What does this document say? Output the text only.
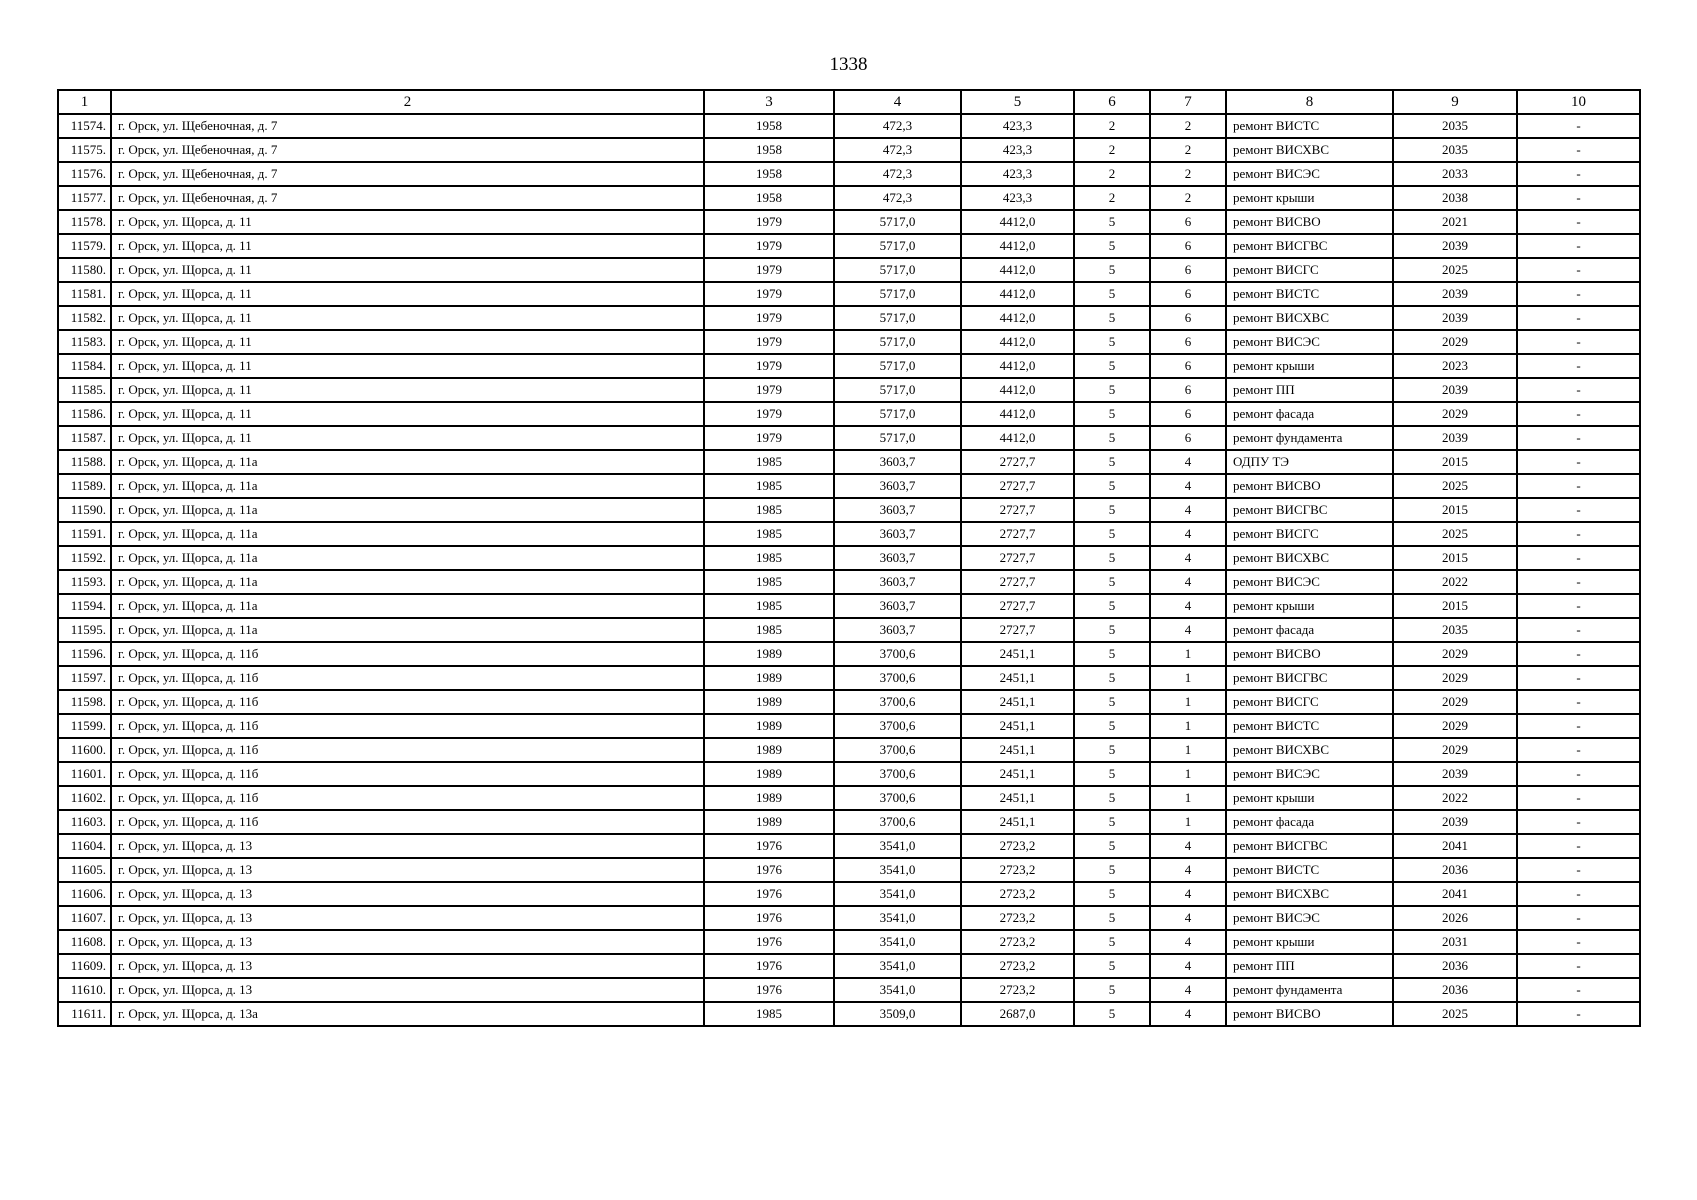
1338
1	2	3	4	5	6	7	8	9	10
11574.	г. Орск, ул. Щебеночная, д. 7	1958	472,3	423,3	2	2	ремонт ВИСТС	2035	-
11575.	г. Орск, ул. Щебеночная, д. 7	1958	472,3	423,3	2	2	ремонт ВИСХВС	2035	-
11576.	г. Орск, ул. Щебеночная, д. 7	1958	472,3	423,3	2	2	ремонт ВИСЭС	2033	-
11577.	г. Орск, ул. Щебеночная, д. 7	1958	472,3	423,3	2	2	ремонт крыши	2038	-
11578.	г. Орск, ул. Щорса, д. 11	1979	5717,0	4412,0	5	6	ремонт ВИСВО	2021	-
11579.	г. Орск, ул. Щорса, д. 11	1979	5717,0	4412,0	5	6	ремонт ВИСГВС	2039	-
11580.	г. Орск, ул. Щорса, д. 11	1979	5717,0	4412,0	5	6	ремонт ВИСГС	2025	-
11581.	г. Орск, ул. Щорса, д. 11	1979	5717,0	4412,0	5	6	ремонт ВИСТС	2039	-
11582.	г. Орск, ул. Щорса, д. 11	1979	5717,0	4412,0	5	6	ремонт ВИСХВС	2039	-
11583.	г. Орск, ул. Щорса, д. 11	1979	5717,0	4412,0	5	6	ремонт ВИСЭС	2029	-
11584.	г. Орск, ул. Щорса, д. 11	1979	5717,0	4412,0	5	6	ремонт крыши	2023	-
11585.	г. Орск, ул. Щорса, д. 11	1979	5717,0	4412,0	5	6	ремонт ПП	2039	-
11586.	г. Орск, ул. Щорса, д. 11	1979	5717,0	4412,0	5	6	ремонт фасада	2029	-
11587.	г. Орск, ул. Щорса, д. 11	1979	5717,0	4412,0	5	6	ремонт фундамента	2039	-
11588.	г. Орск, ул. Щорса, д. 11а	1985	3603,7	2727,7	5	4	ОДПУ ТЭ	2015	-
11589.	г. Орск, ул. Щорса, д. 11а	1985	3603,7	2727,7	5	4	ремонт ВИСВО	2025	-
11590.	г. Орск, ул. Щорса, д. 11а	1985	3603,7	2727,7	5	4	ремонт ВИСГВС	2015	-
11591.	г. Орск, ул. Щорса, д. 11а	1985	3603,7	2727,7	5	4	ремонт ВИСГС	2025	-
11592.	г. Орск, ул. Щорса, д. 11а	1985	3603,7	2727,7	5	4	ремонт ВИСХВС	2015	-
11593.	г. Орск, ул. Щорса, д. 11а	1985	3603,7	2727,7	5	4	ремонт ВИСЭС	2022	-
11594.	г. Орск, ул. Щорса, д. 11а	1985	3603,7	2727,7	5	4	ремонт крыши	2015	-
11595.	г. Орск, ул. Щорса, д. 11а	1985	3603,7	2727,7	5	4	ремонт фасада	2035	-
11596.	г. Орск, ул. Щорса, д. 11б	1989	3700,6	2451,1	5	1	ремонт ВИСВО	2029	-
11597.	г. Орск, ул. Щорса, д. 11б	1989	3700,6	2451,1	5	1	ремонт ВИСГВС	2029	-
11598.	г. Орск, ул. Щорса, д. 11б	1989	3700,6	2451,1	5	1	ремонт ВИСГС	2029	-
11599.	г. Орск, ул. Щорса, д. 11б	1989	3700,6	2451,1	5	1	ремонт ВИСТС	2029	-
11600.	г. Орск, ул. Щорса, д. 11б	1989	3700,6	2451,1	5	1	ремонт ВИСХВС	2029	-
11601.	г. Орск, ул. Щорса, д. 11б	1989	3700,6	2451,1	5	1	ремонт ВИСЭС	2039	-
11602.	г. Орск, ул. Щорса, д. 11б	1989	3700,6	2451,1	5	1	ремонт крыши	2022	-
11603.	г. Орск, ул. Щорса, д. 11б	1989	3700,6	2451,1	5	1	ремонт фасада	2039	-
11604.	г. Орск, ул. Щорса, д. 13	1976	3541,0	2723,2	5	4	ремонт ВИСГВС	2041	-
11605.	г. Орск, ул. Щорса, д. 13	1976	3541,0	2723,2	5	4	ремонт ВИСТС	2036	-
11606.	г. Орск, ул. Щорса, д. 13	1976	3541,0	2723,2	5	4	ремонт ВИСХВС	2041	-
11607.	г. Орск, ул. Щорса, д. 13	1976	3541,0	2723,2	5	4	ремонт ВИСЭС	2026	-
11608.	г. Орск, ул. Щорса, д. 13	1976	3541,0	2723,2	5	4	ремонт крыши	2031	-
11609.	г. Орск, ул. Щорса, д. 13	1976	3541,0	2723,2	5	4	ремонт ПП	2036	-
11610.	г. Орск, ул. Щорса, д. 13	1976	3541,0	2723,2	5	4	ремонт фундамента	2036	-
11611.	г. Орск, ул. Щорса, д. 13а	1985	3509,0	2687,0	5	4	ремонт ВИСВО	2025	-
